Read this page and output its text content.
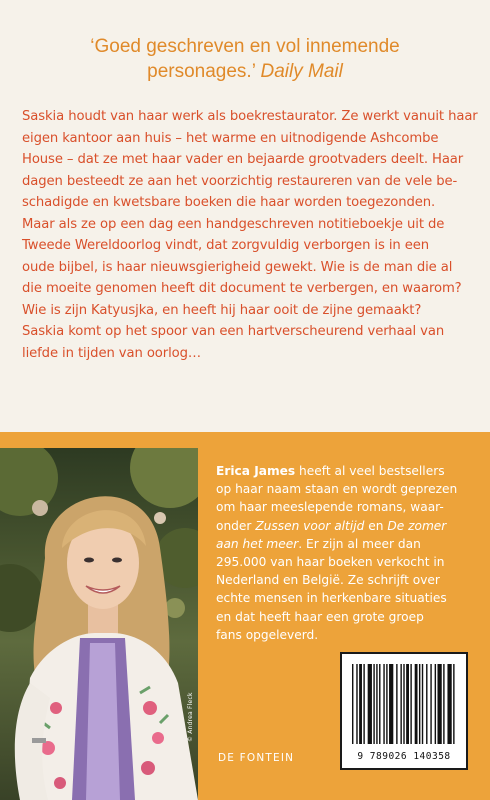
‘Goed geschreven en vol innemende
personages.’ Daily Mail
Saskia houdt van haar werk als boekrestaurator. Ze werkt vanuit haar
eigen kantoor aan huis – het warme en uitnodigende Ashcombe
House – dat ze met haar vader en bejaarde grootvaders deelt. Haar
dagen besteedt ze aan het voorzichtig restaureren van de vele be-
schadigde en kwetsbare boeken die haar worden toegezonden.
Maar als ze op een dag een handgeschreven notitieboekje uit de
Tweede Wereldoorlog vindt, dat zorgvuldig verborgen is in een
oude bijbel, is haar nieuwsgierigheid gewekt. Wie is de man die al
die moeite genomen heeft dit document te verbergen, en waarom?
Wie is zijn Katyusjka, en heeft hij haar ooit de zijne gemaakt?
Saskia komt op het spoor van een hartverscheurend verhaal van
liefde in tijden van oorlog…
© Andrea Fleck
Erica James heeft al veel bestsellers
op haar naam staan en wordt geprezen
om haar meeslepende romans, waar-
onder Zussen voor altijd en De zomer
aan het meer. Er zijn al meer dan
295.000 van haar boeken verkocht in
Nederland en België. Ze schrijft over
echte mensen in herkenbare situaties
en dat heeft haar een grote groep
fans opgeleverd.
9 789026 140358
DE FONTEIN
